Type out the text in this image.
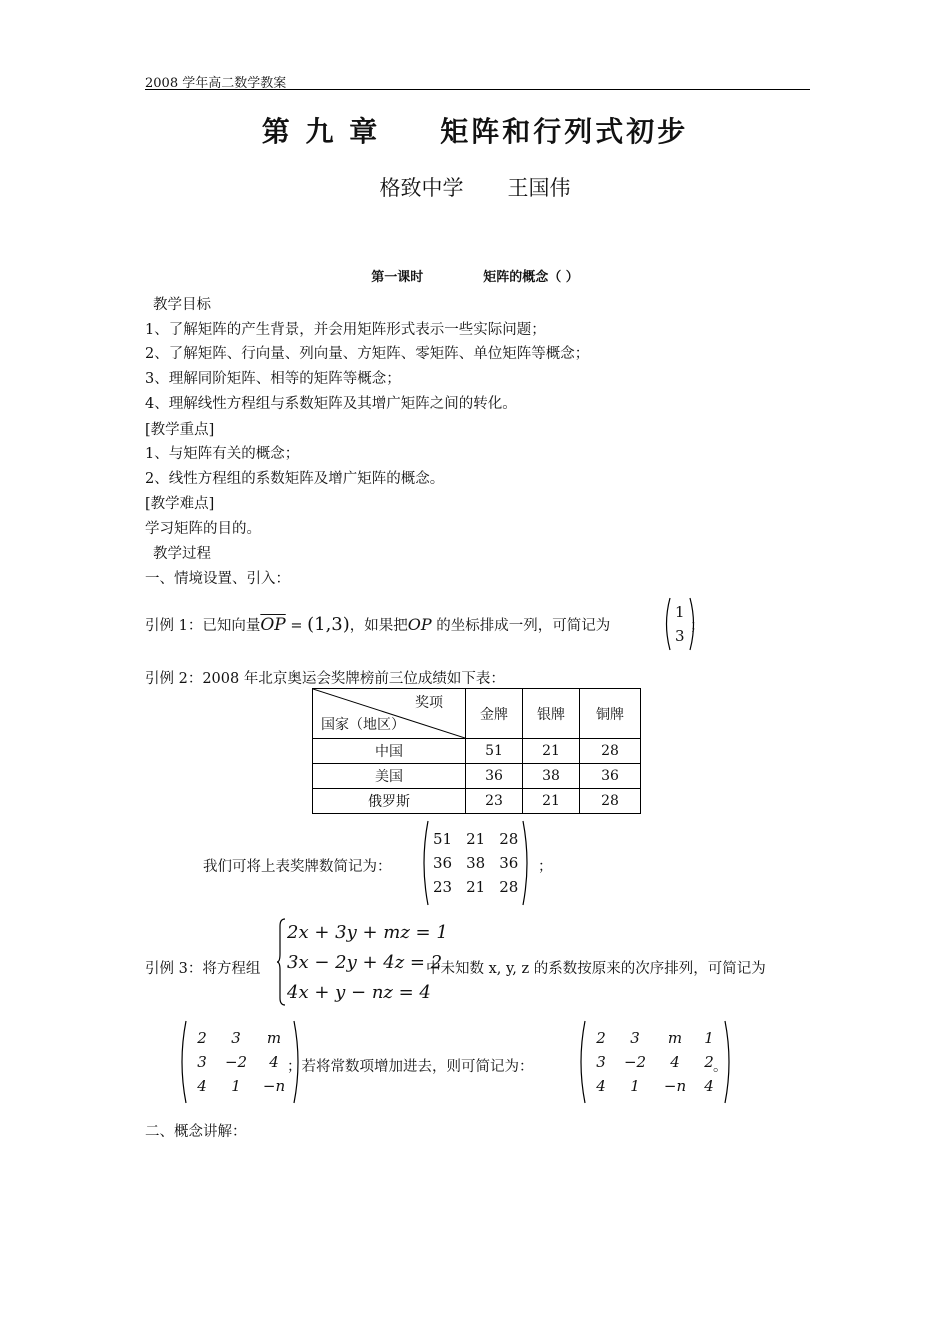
2008 学年高二数学教案
第 九 章 矩阵和行列式初步
格致中学 王国伟
第一课时	矩阵的概念（ ）
教学目标
1、了解矩阵的产生背景，并会用矩阵形式表示一些实际问题；
2、了解矩阵、行向量、列向量、方矩阵、零矩阵、单位矩阵等概念；
3、理解同阶矩阵、相等的矩阵等概念；
4、理解线性方程组与系数矩阵及其增广矩阵之间的转化。
[教学重点]
1、与矩阵有关的概念；
2、线性方程组的系数矩阵及增广矩阵的概念。
[教学难点]
学习矩阵的目的。
教学过程
一、情境设置、引入：
引例 1：已知向量$\overline{OP} = (1,3)$，如果把OP 的坐标排成一列，可简记为
1
3
；
引例 2：2008 年北京奥运会奖牌榜前三位成绩如下表：
奖项
国家（地区）	金牌	银牌	铜牌
中国	51	21	28
美国	36	38	36
俄罗斯	23	21	28
我们可将上表奖牌数简记为：
51 21 28
36 38 36
23 21 28
；
引例 3：将方程组
2x + 3y + mz = 1
3x − 2y + 4z = 2
4x + y − nz = 4
中未知数 x, y, z 的系数按原来的次序排列，可简记为
2	3	m
3	−2	4
4	1	−n
；若将常数项增加进去，则可简记为：
2	3	m	1
3	−2	4	2
4	1	−n	4
。
二、概念讲解：
